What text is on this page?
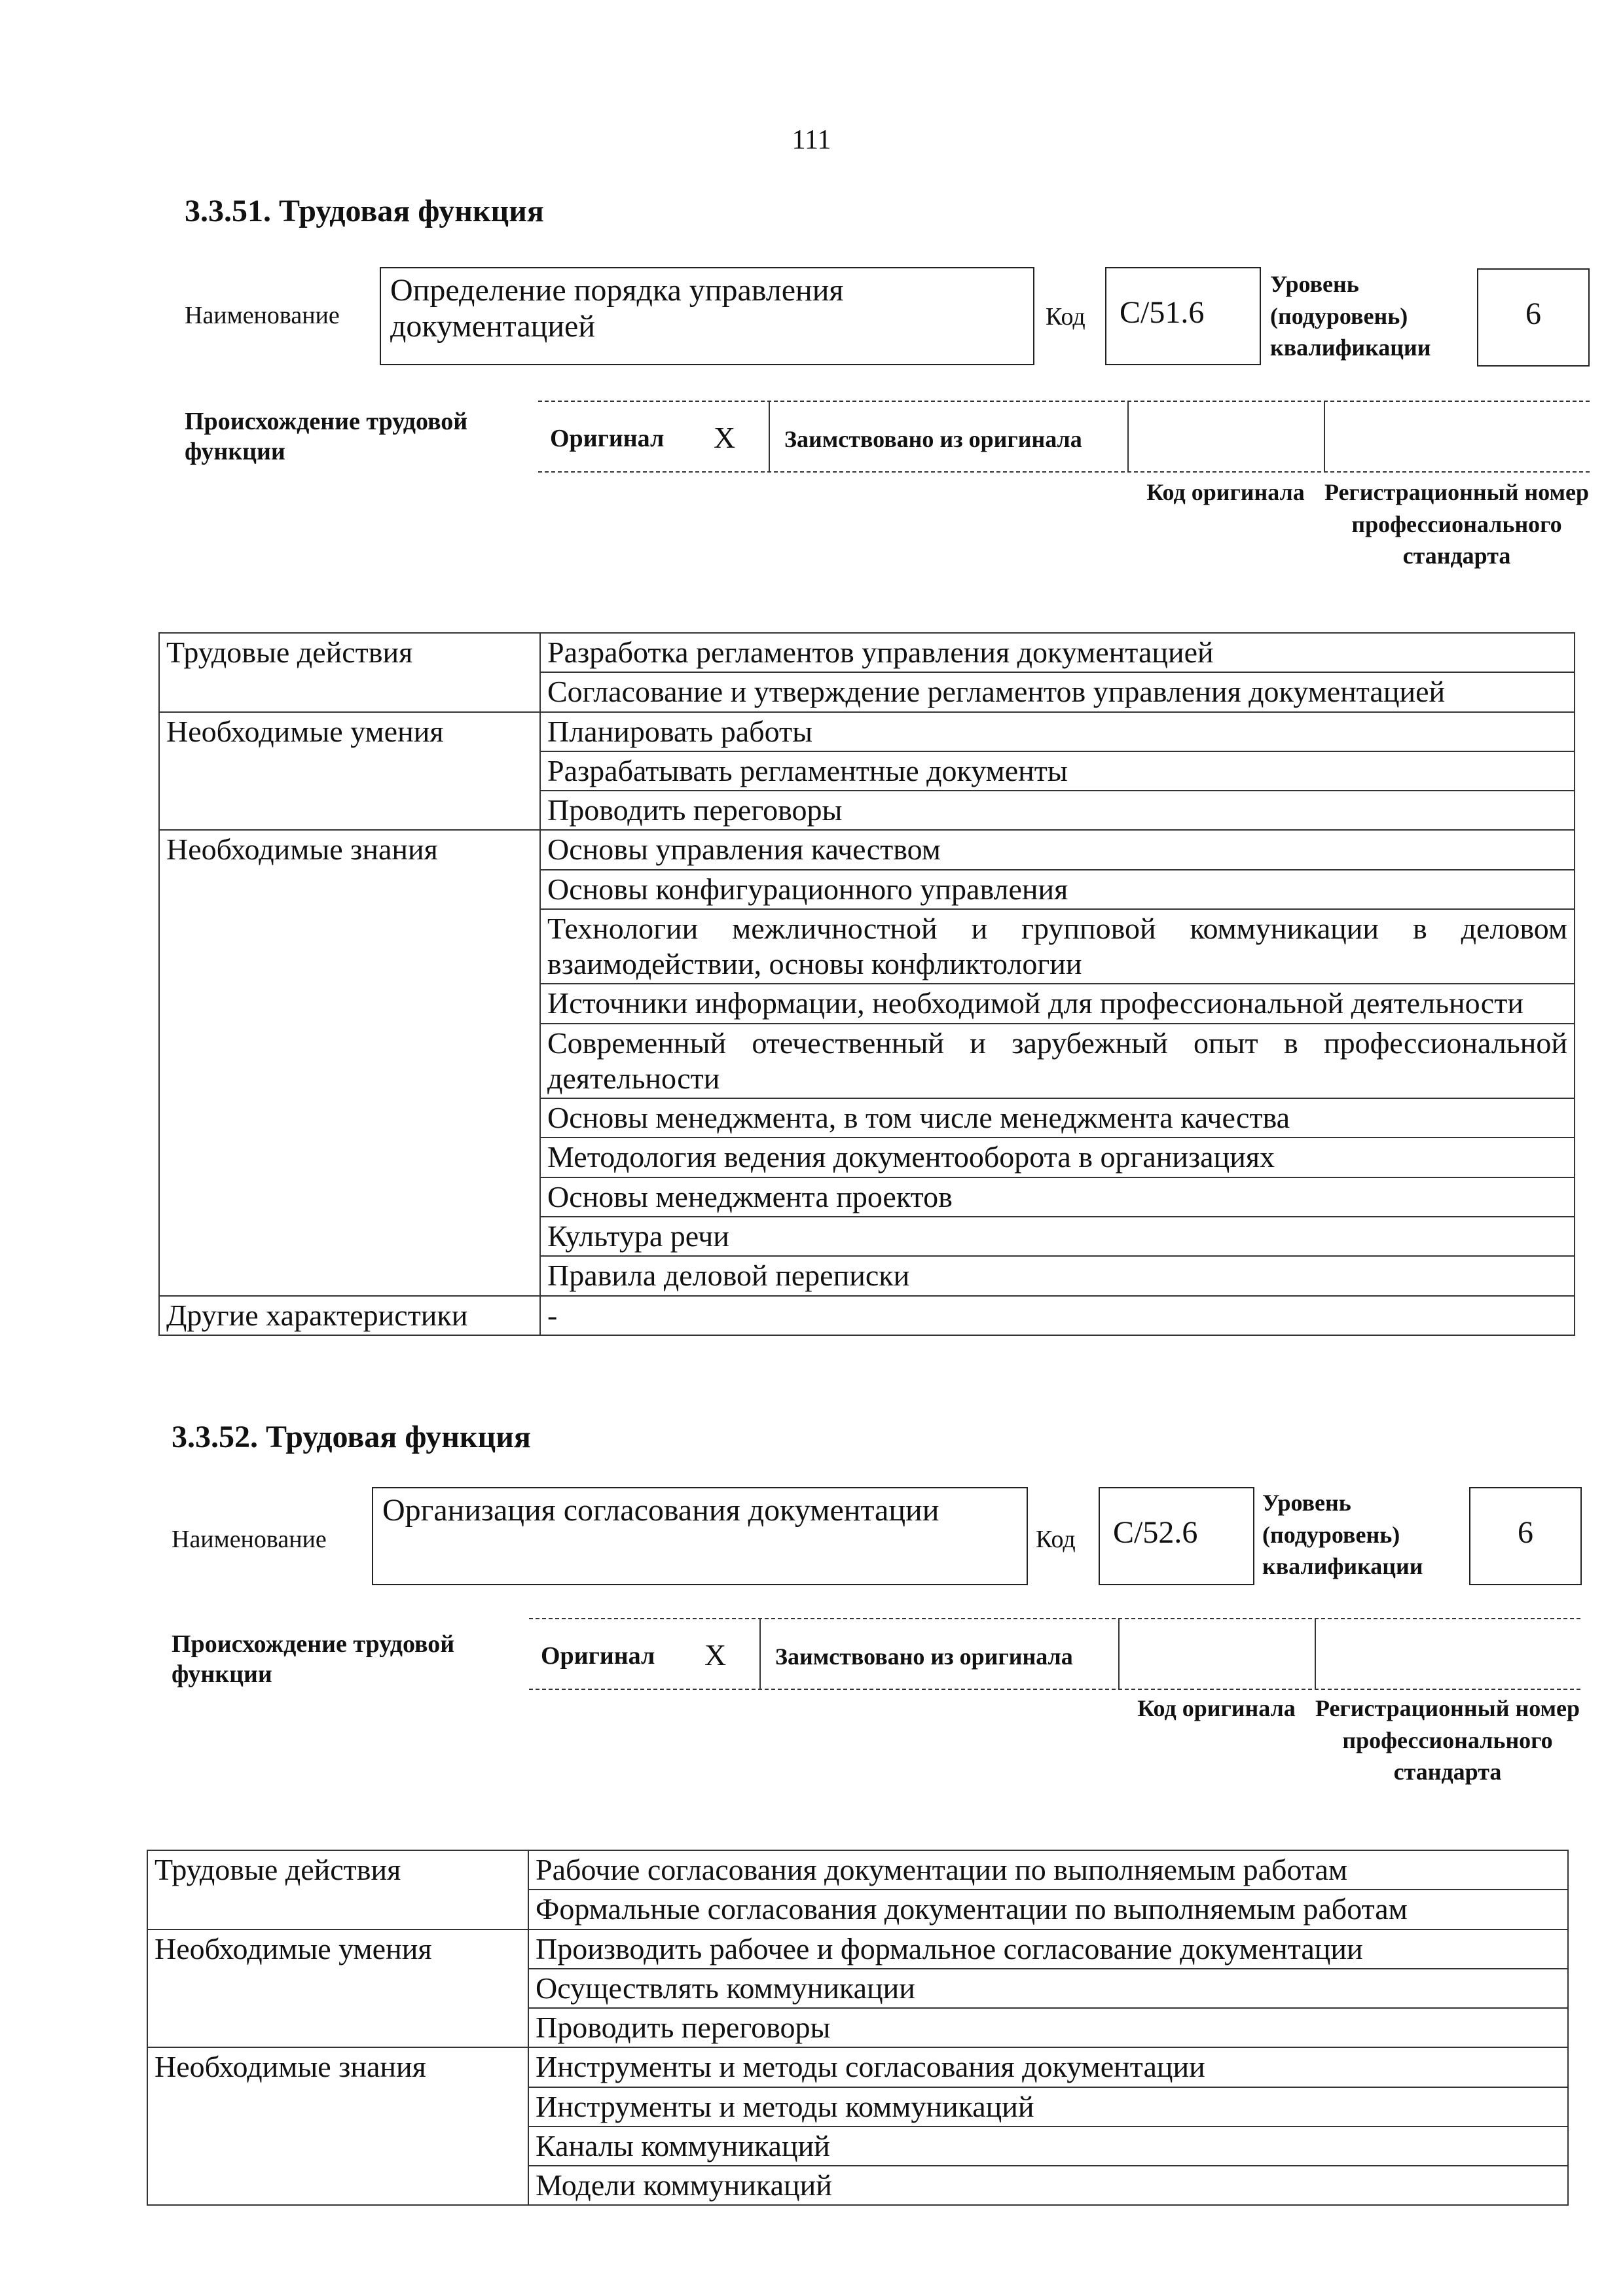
111
3.3.51. Трудовая функция
Наименование
Определение порядка управления документацией	Код	C/51.6
Уровень (подуровень) квалификации
6
Происхождение трудовой функции	Оригинал X Заимствовано из оригинала
Код оригинала Регистрационный номер профессионального стандарта
Трудовые действия	Разработка регламентов управления документацией
	Согласование и утверждение регламентов управления документацией
Необходимые умения	Планировать работы
	Разрабатывать регламентные документы
	Проводить переговоры
Необходимые знания	Основы управления качеством
	Основы конфигурационного управления
	Технологии межличностной и групповой коммуникации в деловом взаимодействии, основы конфликтологии
	Источники информации, необходимой для профессиональной деятельности
	Современный отечественный и зарубежный опыт в профессиональной деятельности
	Основы менеджмента, в том числе менеджмента качества
	Методология ведения документооборота в организациях
	Основы менеджмента проектов
	Культура речи
	Правила деловой переписки
Другие характеристики	-
3.3.52. Трудовая функция
Наименование
Организация согласования документации
Код	C/52.6
Уровень (подуровень) квалификации
6
Происхождение трудовой функции
Оригинал X Заимствовано из оригинала
Код оригинала Регистрационный номер профессионального стандарта
Трудовые действия	Рабочие согласования документации по выполняемым работам
	Формальные согласования документации по выполняемым работам
Необходимые умения	Производить рабочее и формальное согласование документации
	Осуществлять коммуникации
	Проводить переговоры
Необходимые знания	Инструменты и методы согласования документации
	Инструменты и методы коммуникаций
	Каналы коммуникаций
	Модели коммуникаций
